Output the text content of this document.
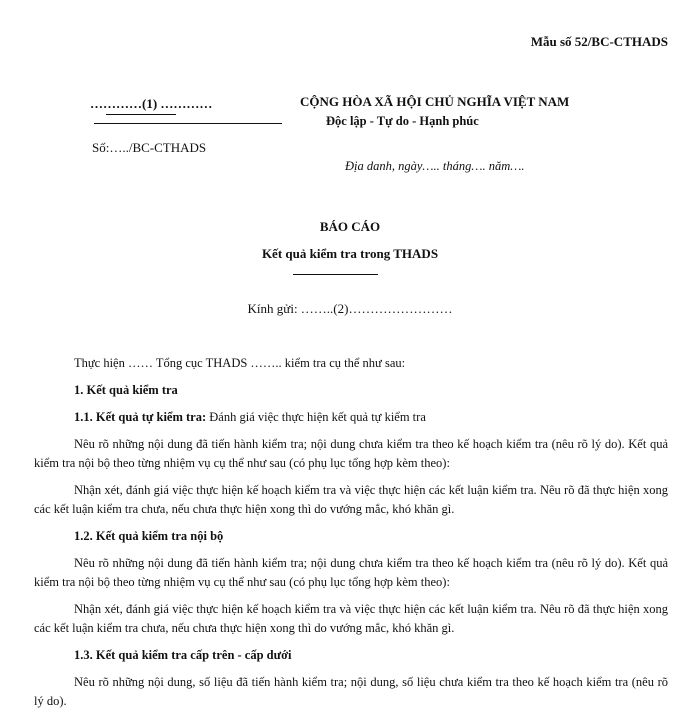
Mẫu số 52/BC-CTHADS
…………(1) …………
Số:…../BC-CTHADS
CỘNG HÒA XÃ HỘI CHỦ NGHĨA VIỆT NAM
Độc lập - Tự do - Hạnh phúc
Địa danh, ngày….. tháng…. năm….
BÁO CÁO
Kết quả kiểm tra trong THADS
Kính gửi: ……..(2)……………………

Thực hiện …… Tổng cục THADS …….. kiểm tra cụ thể như sau:

1. Kết quả kiểm tra

1.1. Kết quả tự kiểm tra: Đánh giá việc thực hiện kết quả tự kiểm tra

Nêu rõ những nội dung đã tiến hành kiểm tra; nội dung chưa kiểm tra theo kế hoạch kiểm tra (nêu rõ lý do). Kết quả kiểm tra nội bộ theo từng nhiệm vụ cụ thể như sau (có phụ lục tổng hợp kèm theo):

Nhận xét, đánh giá việc thực hiện kế hoạch kiểm tra và việc thực hiện các kết luận kiểm tra. Nêu rõ đã thực hiện xong các kết luận kiểm tra chưa, nếu chưa thực hiện xong thì do vướng mắc, khó khăn gì.

1.2. Kết quả kiểm tra nội bộ

Nêu rõ những nội dung đã tiến hành kiểm tra; nội dung chưa kiểm tra theo kế hoạch kiểm tra (nêu rõ lý do). Kết quả kiểm tra nội bộ theo từng nhiệm vụ cụ thể như sau (có phụ lục tổng hợp kèm theo):

Nhận xét, đánh giá việc thực hiện kế hoạch kiểm tra và việc thực hiện các kết luận kiểm tra. Nêu rõ đã thực hiện xong các kết luận kiểm tra chưa, nếu chưa thực hiện xong thì do vướng mắc, khó khăn gì.

1.3. Kết quả kiểm tra cấp trên - cấp dưới

Nêu rõ những nội dung, số liệu đã tiến hành kiểm tra; nội dung, số liệu chưa kiểm tra theo kế hoạch kiểm tra (nêu rõ lý do).
